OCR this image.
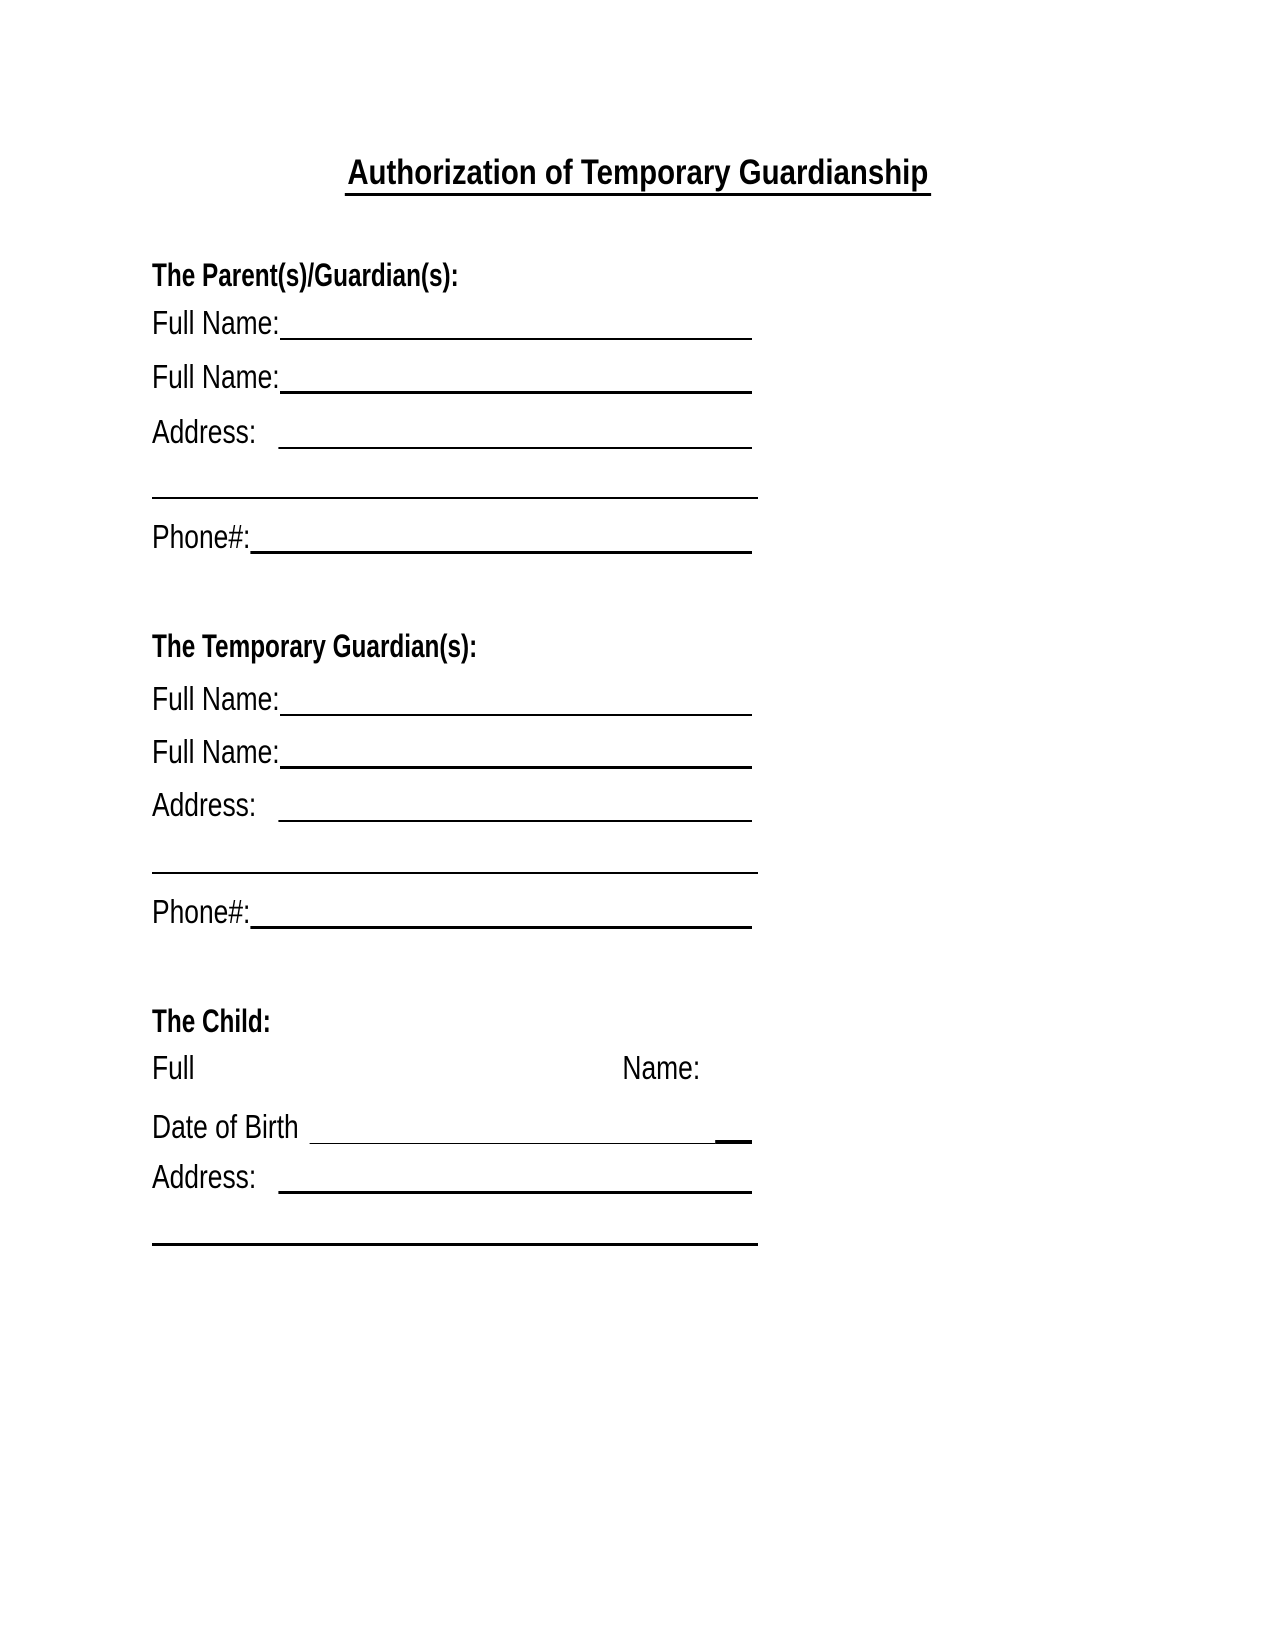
Authorization of Temporary Guardianship
The Parent(s)/Guardian(s):
Full Name:
Full Name:
Address:
Phone#:
The Temporary Guardian(s):
Full Name:
Full Name:
Address:
Phone#:
The Child:
Full	Name:
Date of Birth
Address:
